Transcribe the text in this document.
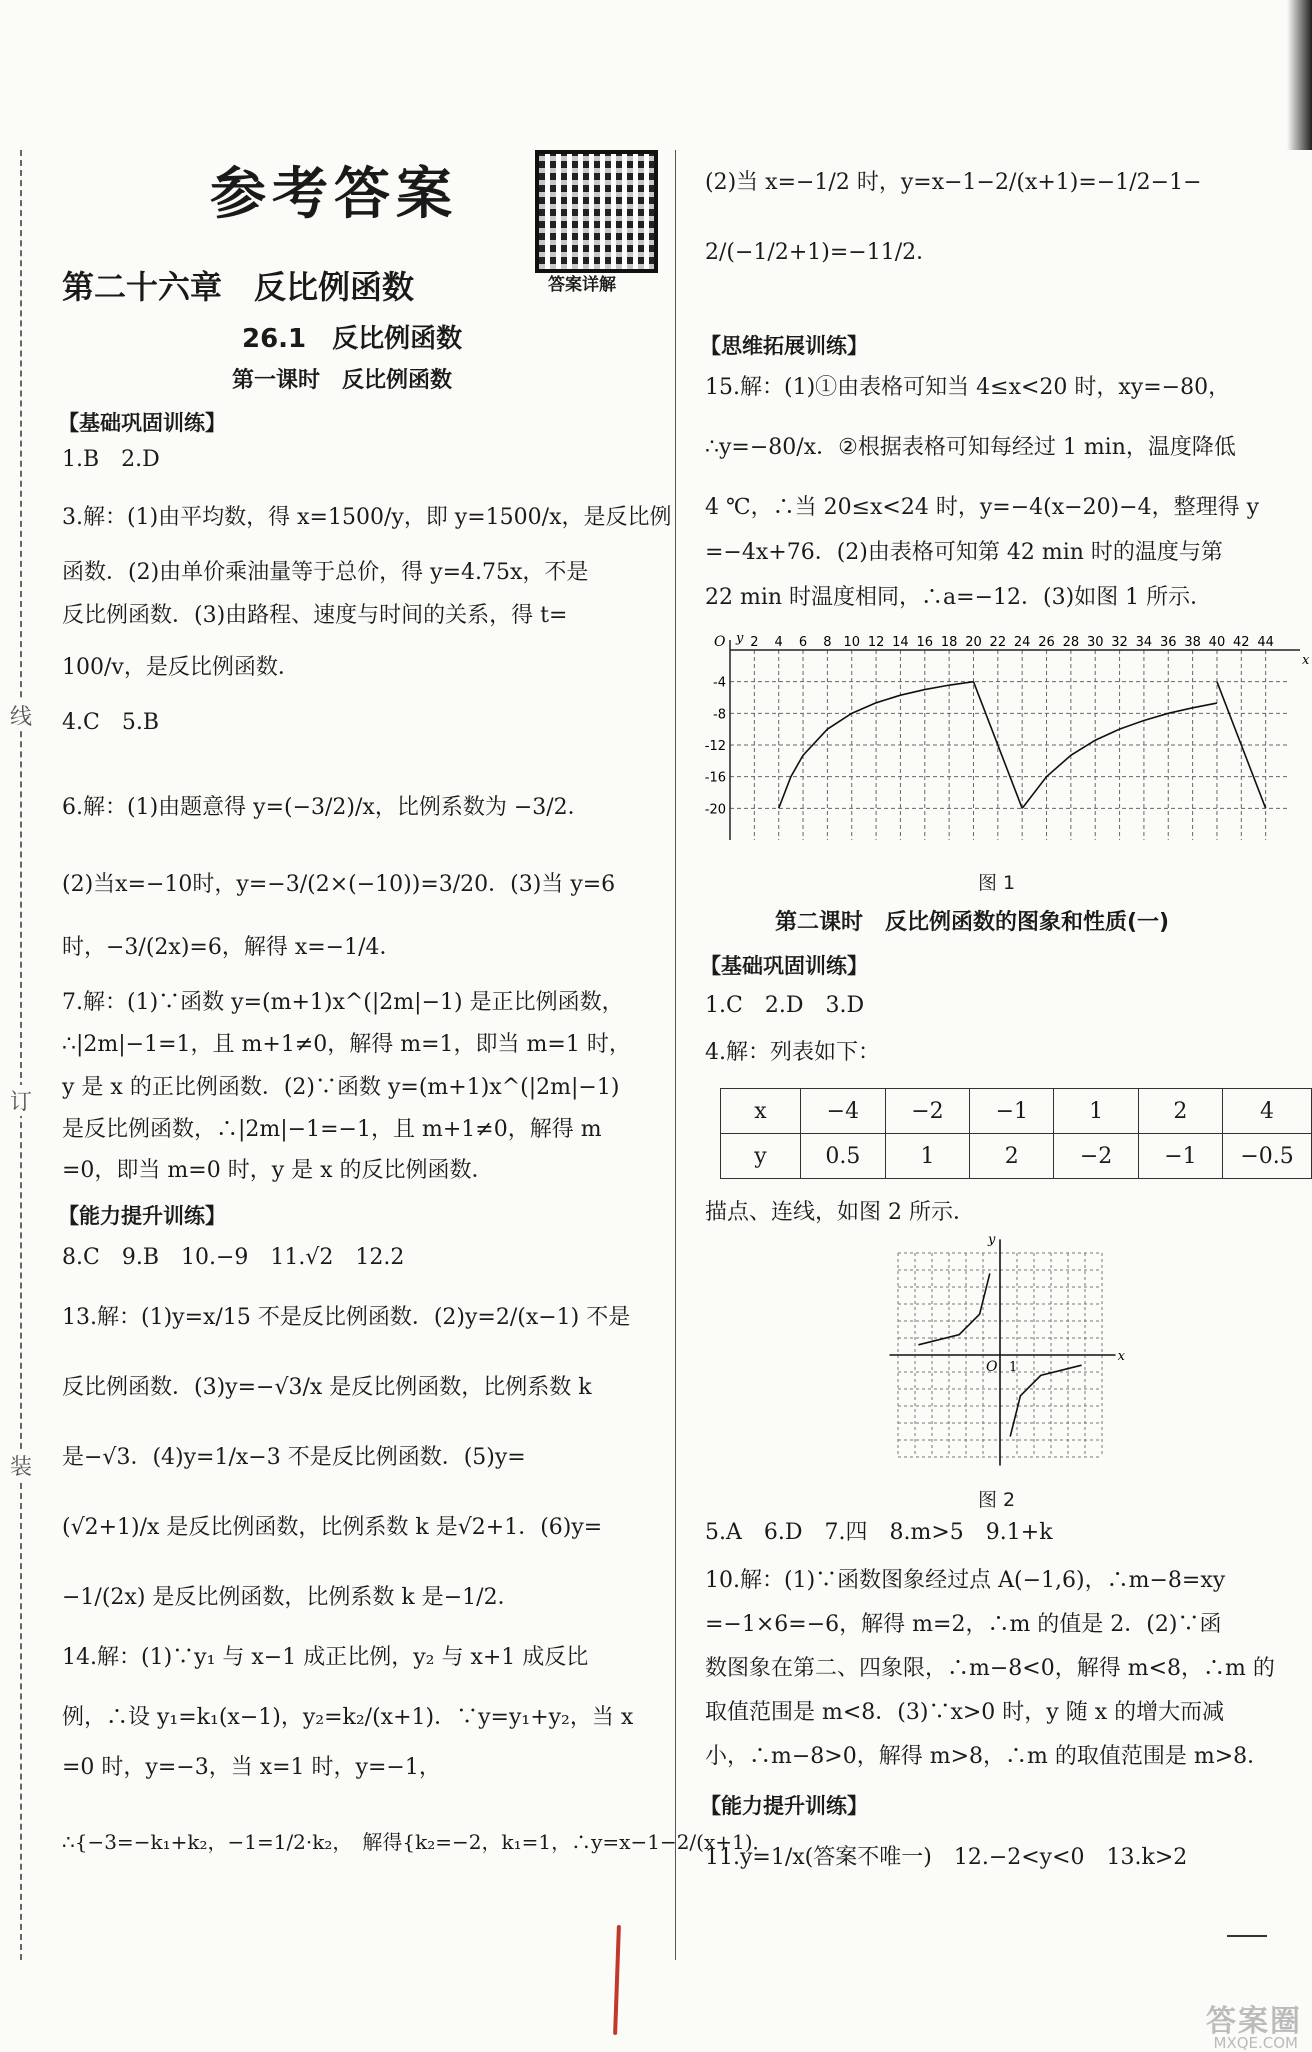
线
订
装
参考答案
答案详解
第二十六章　反比例函数
26.1　反比例函数
第一课时　反比例函数
【基础巩固训练】
1.B　2.D
3.解：(1)由平均数，得 x=1500/y，即 y=1500/x，是反比例
函数．(2)由单价乘油量等于总价，得 y=4.75x，不是
反比例函数．(3)由路程、速度与时间的关系，得 t=
100/v，是反比例函数．
4.C　5.B
6.解：(1)由题意得 y=(−3/2)/x，比例系数为 −3/2．
(2)当x=−10时，y=−3/(2×(−10))=3/20．(3)当 y=6
时，−3/(2x)=6，解得 x=−1/4．
7.解：(1)∵函数 y=(m+1)x^(|2m|−1) 是正比例函数，
∴|2m|−1=1，且 m+1≠0，解得 m=1，即当 m=1 时，
y 是 x 的正比例函数．(2)∵函数 y=(m+1)x^(|2m|−1)
是反比例函数，∴|2m|−1=−1，且 m+1≠0，解得 m
=0，即当 m=0 时，y 是 x 的反比例函数．
【能力提升训练】
8.C　9.B　10.−9　11.√2　12.2
13.解：(1)y=x/15 不是反比例函数．(2)y=2/(x−1) 不是
反比例函数．(3)y=−√3/x 是反比例函数，比例系数 k
是−√3．(4)y=1/x−3 不是反比例函数．(5)y=
(√2+1)/x 是反比例函数，比例系数 k 是√2+1．(6)y=
−1/(2x) 是反比例函数，比例系数 k 是−1/2．
14.解：(1)∵y₁ 与 x−1 成正比例，y₂ 与 x+1 成反比
例，∴设 y₁=k₁(x−1)，y₂=k₂/(x+1)．∵y=y₁+y₂，当 x
=0 时，y=−3，当 x=1 时，y=−1，
∴{−3=−k₁+k₂，−1=1/2·k₂，　解得{k₂=−2，k₁=1，∴y=x−1−2/(x+1)．
(2)当 x=−1/2 时，y=x−1−2/(x+1)=−1/2−1−
2/(−1/2+1)=−11/2．
【思维拓展训练】
15.解：(1)①由表格可知当 4≤x<20 时，xy=−80，
∴y=−80/x．②根据表格可知每经过 1 min，温度降低
4 ℃，∴当 20≤x<24 时，y=−4(x−20)−4，整理得 y
=−4x+76．(2)由表格可知第 42 min 时的温度与第
22 min 时温度相同，∴a=−12．(3)如图 1 所示．
2 4 6 8 10 12 14 16 18 20 22 24 26 28 30 32 34 36 38 40 42 44
-4
-8
-12
-16
-20
O y
x
图 1
第二课时　反比例函数的图象和性质(一)
【基础巩固训练】
1.C　2.D　3.D
4.解：列表如下：
x	−4	−2	−1	1	2	4
y	0.5	1	2	−2	−1	−0.5
描点、连线，如图 2 所示．
O 1
y
x
图 2
5.A　6.D　7.四　8.m>5　9.1+k
10.解：(1)∵函数图象经过点 A(−1,6)，∴m−8=xy
=−1×6=−6，解得 m=2，∴m 的值是 2．(2)∵函
数图象在第二、四象限，∴m−8<0，解得 m<8，∴m 的
取值范围是 m<8．(3)∵x>0 时，y 随 x 的增大而减
小，∴m−8>0，解得 m>8，∴m 的取值范围是 m>8．
【能力提升训练】
11.y=1/x(答案不唯一)　12.−2<y<0　13.k>2
答案圈
MXQE.COM
